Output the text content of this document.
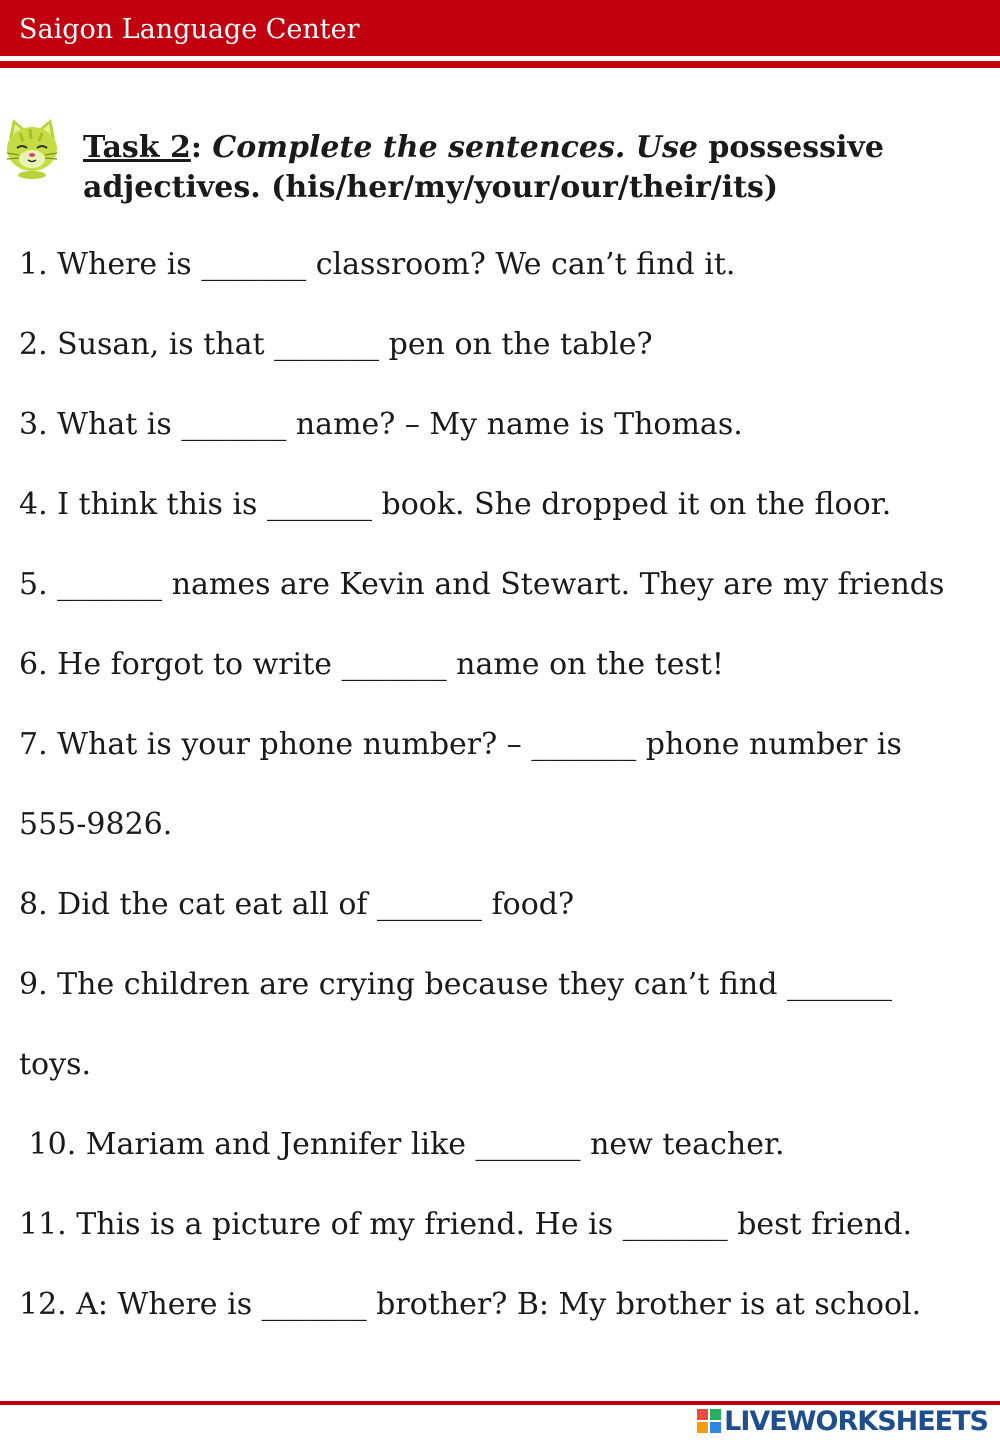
Saigon Language Center
Task 2: Complete the sentences. Use possessive adjectives. (his/her/my/your/our/their/its)
1. Where is _______ classroom? We can’t find it.
2. Susan, is that _______ pen on the table?
3. What is _______ name? – My name is Thomas.
4. I think this is _______ book. She dropped it on the floor.
5. _______ names are Kevin and Stewart. They are my friends
6. He forgot to write _______ name on the test!
7. What is your phone number? – _______ phone number is
555-9826.
8. Did the cat eat all of _______ food?
9. The children are crying because they can’t find _______
toys.
10. Mariam and Jennifer like _______ new teacher.
11. This is a picture of my friend. He is _______ best friend.
12. A: Where is _______ brother? B: My brother is at school.
LIVEWORKSHEETS
